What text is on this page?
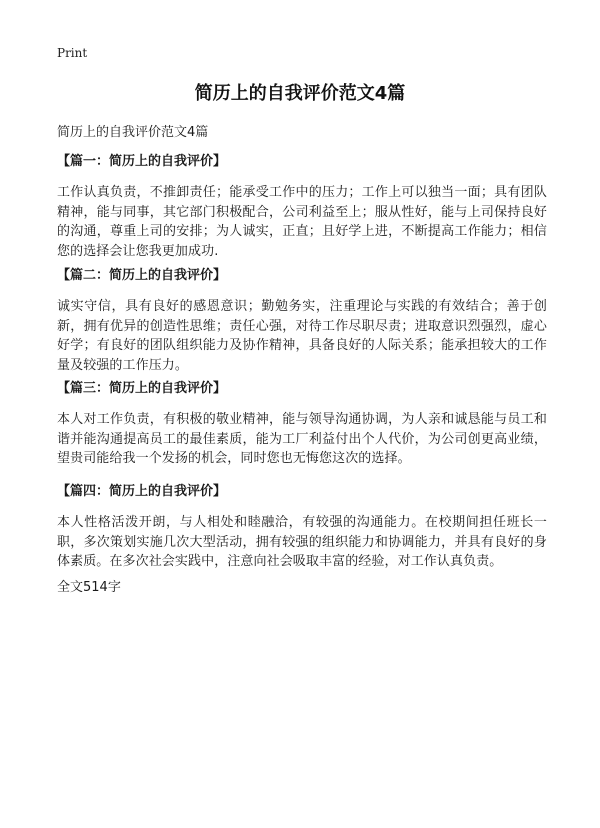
Print
简历上的自我评价范文4篇
简历上的自我评价范文4篇

【篇一：简历上的自我评价】

工作认真负责，不推卸责任；能承受工作中的压力；工作上可以独当一面；具有团队精神，能与同事，其它部门积极配合，公司利益至上；服从性好，能与上司保持良好的沟通，尊重上司的安排；为人诚实，正直；且好学上进，不断提高工作能力；相信您的选择会让您我更加成功.

【篇二：简历上的自我评价】

诚实守信，具有良好的感恩意识；勤勉务实，注重理论与实践的有效结合；善于创新，拥有优异的创造性思维；责任心强，对待工作尽职尽责；进取意识烈强烈，虚心好学；有良好的团队组织能力及协作精神，具备良好的人际关系；能承担较大的工作量及较强的工作压力。

【篇三：简历上的自我评价】

本人对工作负责，有积极的敬业精神，能与领导沟通协调，为人亲和诚恳能与员工和谐并能沟通提高员工的最佳素质，能为工厂利益付出个人代价，为公司创更高业绩，望贵司能给我一个发扬的机会，同时您也无悔您这次的选择。

【篇四：简历上的自我评价】

本人性格活泼开朗，与人相处和睦融洽，有较强的沟通能力。在校期间担任班长一职，多次策划实施几次大型活动，拥有较强的组织能力和协调能力，并具有良好的身体素质。在多次社会实践中，注意向社会吸取丰富的经验，对工作认真负责。

全文514字
